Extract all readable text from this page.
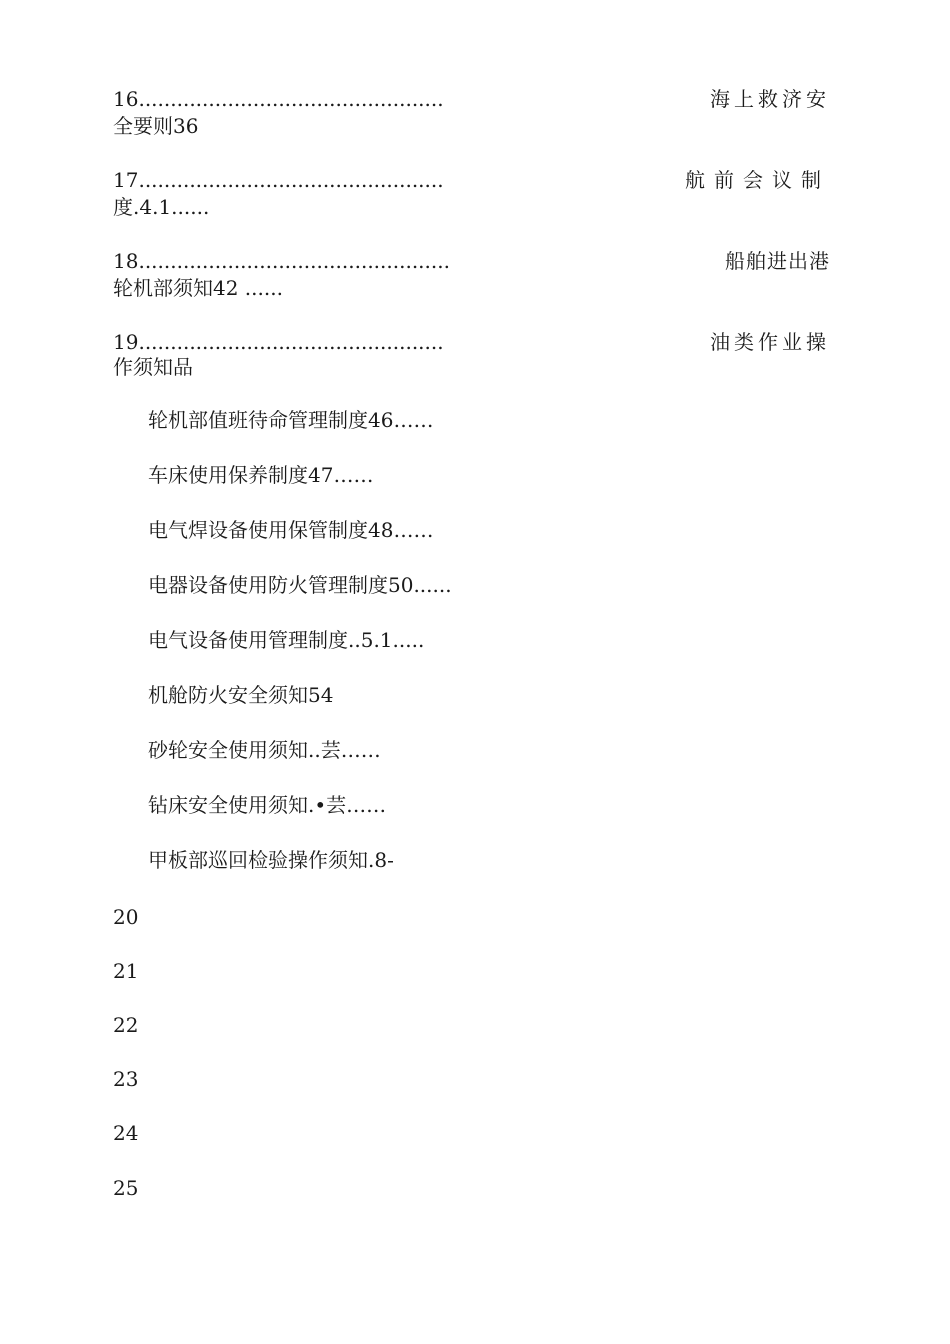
16................................................	海上救济安
全要则36
17................................................	航前会议制
度.4.1......
18.................................................	船舶进出港
轮机部须知42 ......
19................................................	油类作业操
作须知品
轮机部值班待命管理制度46……
车床使用保养制度47……
电气焊设备使用保管制度48……
电器设备使用防火管理制度50......
电气设备使用管理制度..5.1.....
机舱防火安全须知54
砂轮安全使用须知..芸……
钻床安全使用须知.•芸……
甲板部巡回检验操作须知.8-
20
21
22
23
24
25
